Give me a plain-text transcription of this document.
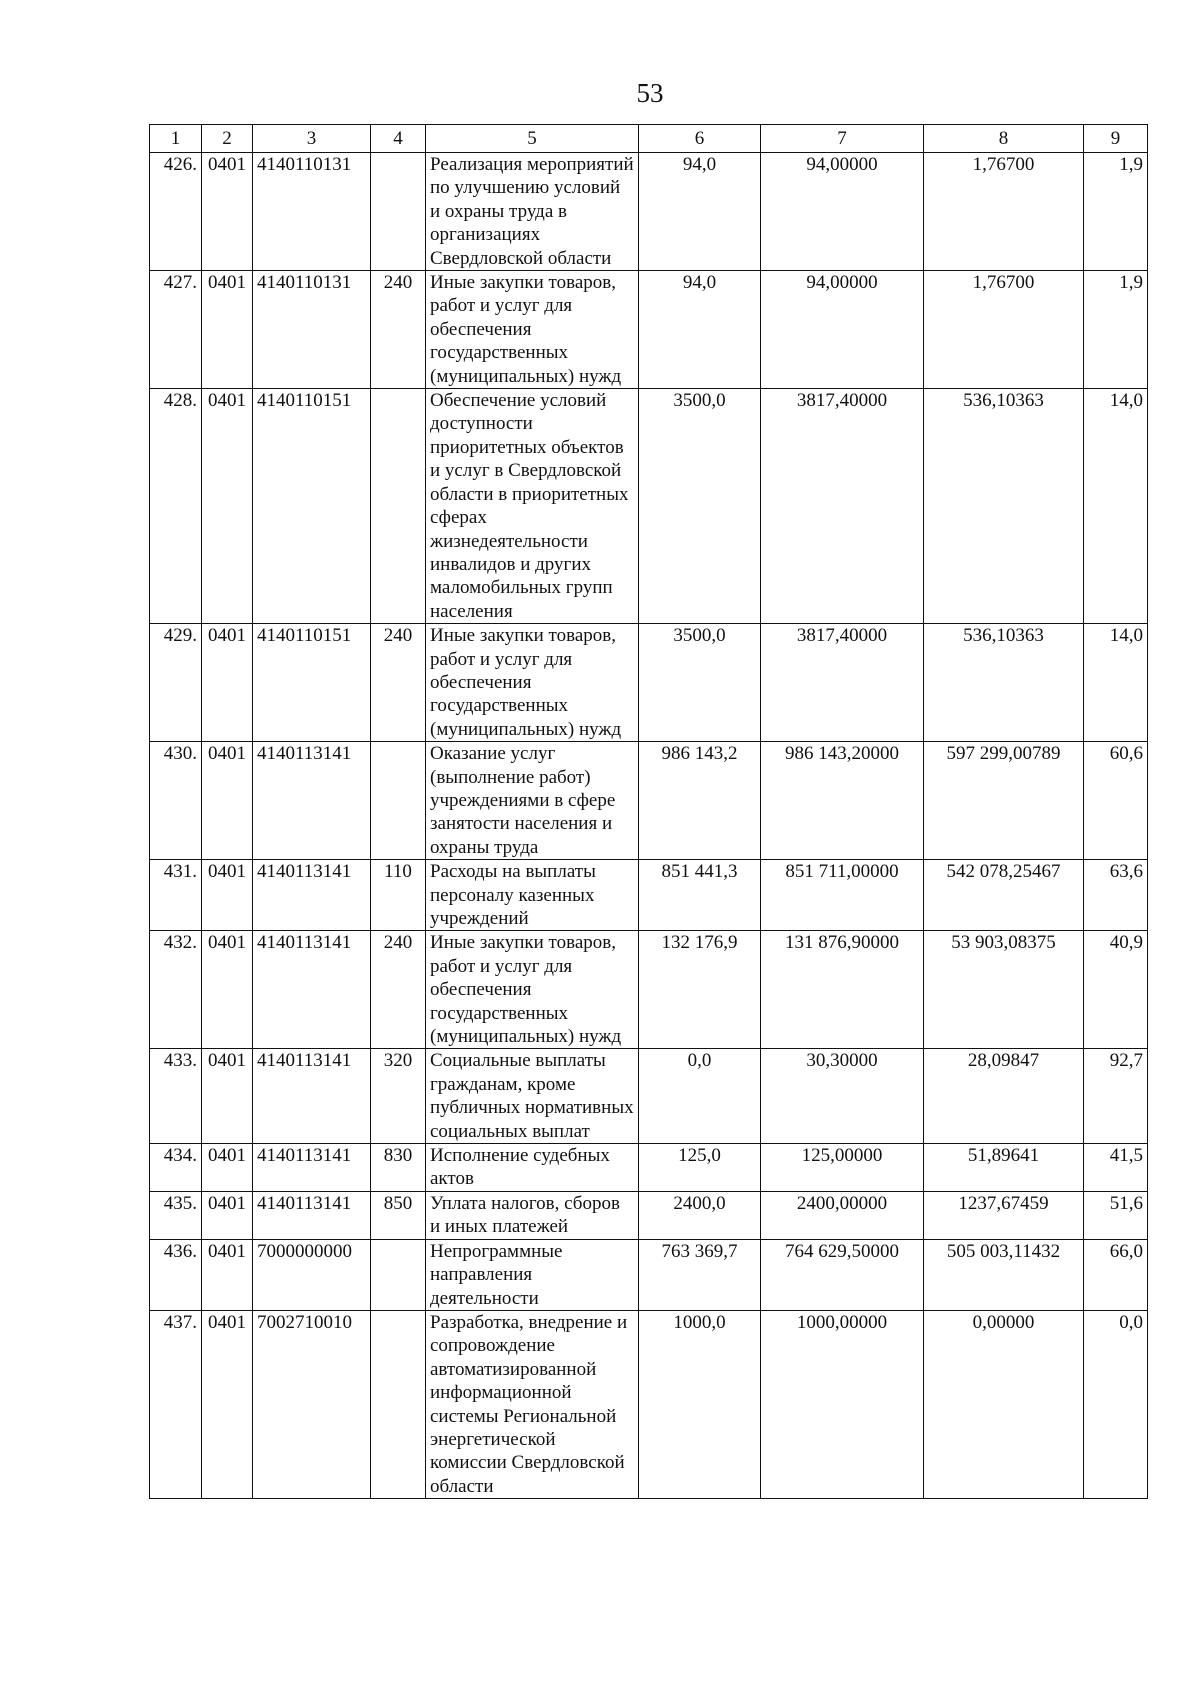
53
1	2	3	4	5	6	7	8	9
426.	0401	4140110131		Реализация мероприятий по улучшению условий и охраны труда в организациях Свердловской области	94,0	94,00000	1,76700	1,9
427.	0401	4140110131	240	Иные закупки товаров, работ и услуг для обеспечения государственных (муниципальных) нужд	94,0	94,00000	1,76700	1,9
428.	0401	4140110151		Обеспечение условий доступности приоритетных объектов и услуг в Свердловской области в приоритетных сферах жизнедеятельности инвалидов и других маломобильных групп населения	3500,0	3817,40000	536,10363	14,0
429.	0401	4140110151	240	Иные закупки товаров, работ и услуг для обеспечения государственных (муниципальных) нужд	3500,0	3817,40000	536,10363	14,0
430.	0401	4140113141		Оказание услуг (выполнение работ) учреждениями в сфере занятости населения и охраны труда	986 143,2	986 143,20000	597 299,00789	60,6
431.	0401	4140113141	110	Расходы на выплаты персоналу казенных учреждений	851 441,3	851 711,00000	542 078,25467	63,6
432.	0401	4140113141	240	Иные закупки товаров, работ и услуг для обеспечения государственных (муниципальных) нужд	132 176,9	131 876,90000	53 903,08375	40,9
433.	0401	4140113141	320	Социальные выплаты гражданам, кроме публичных нормативных социальных выплат	0,0	30,30000	28,09847	92,7
434.	0401	4140113141	830	Исполнение судебных актов	125,0	125,00000	51,89641	41,5
435.	0401	4140113141	850	Уплата налогов, сборов и иных платежей	2400,0	2400,00000	1237,67459	51,6
436.	0401	7000000000		Непрограммные направления деятельности	763 369,7	764 629,50000	505 003,11432	66,0
437.	0401	7002710010		Разработка, внедрение и сопровождение автоматизированной информационной системы Региональной энергетической комиссии Свердловской области	1000,0	1000,00000	0,00000	0,0
